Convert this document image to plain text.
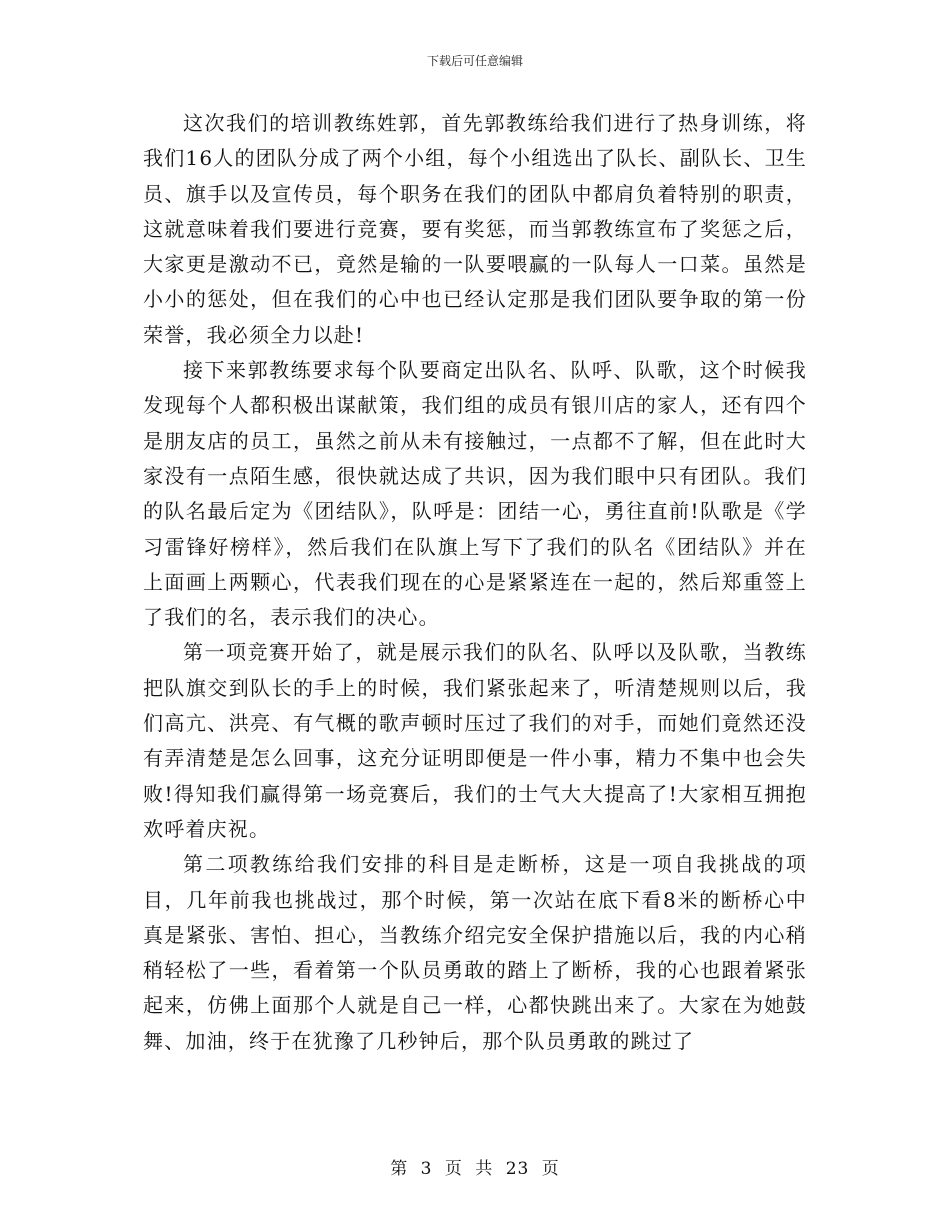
下载后可任意编辑

这次我们的培训教练姓郭，首先郭教练给我们进行了热身训练，将我们16人的团队分成了两个小组，每个小组选出了队长、副队长、卫生员、旗手以及宣传员，每个职务在我们的团队中都肩负着特别的职责，这就意味着我们要进行竞赛，要有奖惩，而当郭教练宣布了奖惩之后，大家更是激动不已，竟然是输的一队要喂赢的一队每人一口菜。虽然是小小的惩处，但在我们的心中也已经认定那是我们团队要争取的第一份荣誉，我必须全力以赴!

接下来郭教练要求每个队要商定出队名、队呼、队歌，这个时候我发现每个人都积极出谋献策，我们组的成员有银川店的家人，还有四个是朋友店的员工，虽然之前从未有接触过，一点都不了解，但在此时大家没有一点陌生感，很快就达成了共识，因为我们眼中只有团队。我们的队名最后定为《团结队》，队呼是：团结一心，勇往直前!队歌是《学习雷锋好榜样》，然后我们在队旗上写下了我们的队名《团结队》并在上面画上两颗心，代表我们现在的心是紧紧连在一起的，然后郑重签上了我们的名，表示我们的决心。

第一项竞赛开始了，就是展示我们的队名、队呼以及队歌，当教练把队旗交到队长的手上的时候，我们紧张起来了，听清楚规则以后，我们高亢、洪亮、有气概的歌声顿时压过了我们的对手，而她们竟然还没有弄清楚是怎么回事，这充分证明即便是一件小事，精力不集中也会失败!得知我们赢得第一场竞赛后，我们的士气大大提高了!大家相互拥抱欢呼着庆祝。

第二项教练给我们安排的科目是走断桥，这是一项自我挑战的项目，几年前我也挑战过，那个时候，第一次站在底下看8米的断桥心中真是紧张、害怕、担心，当教练介绍完安全保护措施以后，我的内心稍稍轻松了一些，看着第一个队员勇敢的踏上了断桥，我的心也跟着紧张起来，仿佛上面那个人就是自己一样，心都快跳出来了。大家在为她鼓舞、加油，终于在犹豫了几秒钟后，那个队员勇敢的跳过了

第 3 页 共 23 页
